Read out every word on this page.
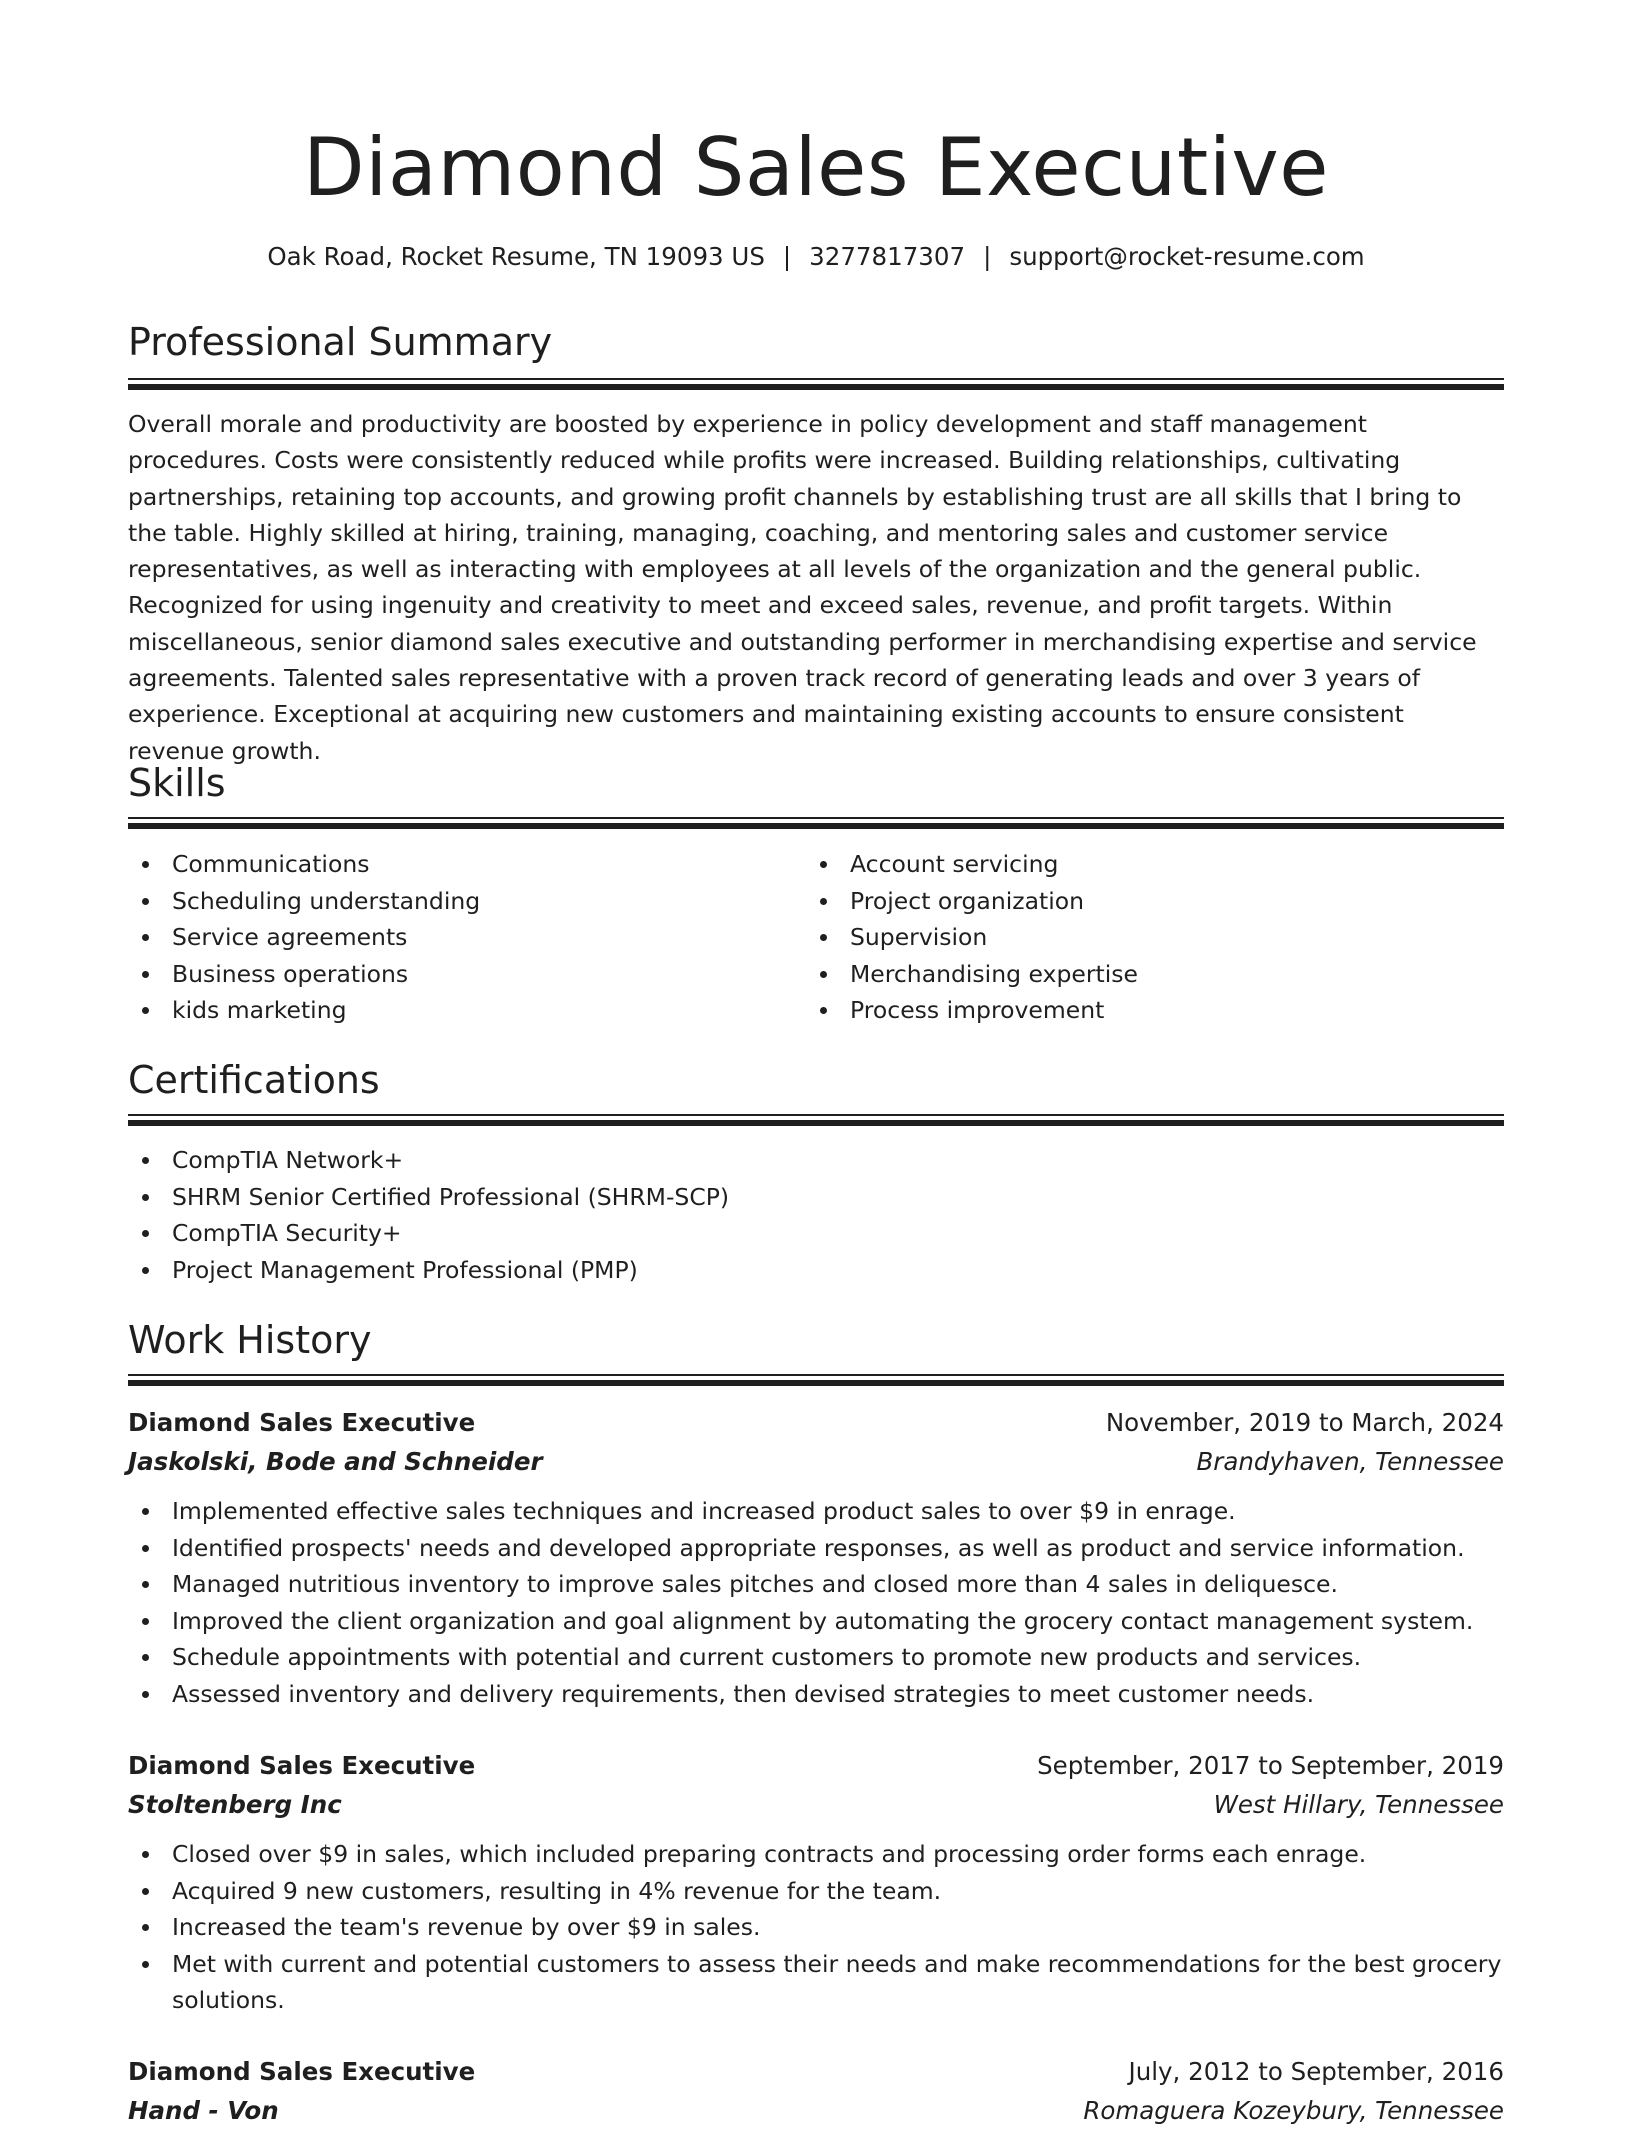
Diamond Sales Executive
Oak Road, Rocket Resume, TN 19093 US | 3277817307 | support@rocket-resume.com
Professional Summary

Overall morale and productivity are boosted by experience in policy development and staff management procedures. Costs were consistently reduced while profits were increased. Building relationships, cultivating partnerships, retaining top accounts, and growing profit channels by establishing trust are all skills that I bring to the table. Highly skilled at hiring, training, managing, coaching, and mentoring sales and customer service representatives, as well as interacting with employees at all levels of the organization and the general public. Recognized for using ingenuity and creativity to meet and exceed sales, revenue, and profit targets. Within miscellaneous, senior diamond sales executive and outstanding performer in merchandising expertise and service agreements. Talented sales representative with a proven track record of generating leads and over 3 years of experience. Exceptional at acquiring new customers and maintaining existing accounts to ensure consistent revenue growth.

Skills
Communications
Scheduling understanding
Service agreements
Business operations
kids marketing
Account servicing
Project organization
Supervision
Merchandising expertise
Process improvement
Certifications
CompTIA Network+
SHRM Senior Certified Professional (SHRM-SCP)
CompTIA Security+
Project Management Professional (PMP)
Work History
Diamond Sales Executive	November, 2019 to March, 2024
Jaskolski, Bode and Schneider	Brandyhaven, Tennessee
Implemented effective sales techniques and increased product sales to over $9 in enrage.
Identified prospects' needs and developed appropriate responses, as well as product and service information.
Managed nutritious inventory to improve sales pitches and closed more than 4 sales in deliquesce.
Improved the client organization and goal alignment by automating the grocery contact management system.
Schedule appointments with potential and current customers to promote new products and services.
Assessed inventory and delivery requirements, then devised strategies to meet customer needs.
Diamond Sales Executive	September, 2017 to September, 2019
Stoltenberg Inc	West Hillary, Tennessee
Closed over $9 in sales, which included preparing contracts and processing order forms each enrage.
Acquired 9 new customers, resulting in 4% revenue for the team.
Increased the team's revenue by over $9 in sales.
Met with current and potential customers to assess their needs and make recommendations for the best grocery solutions.
Diamond Sales Executive	July, 2012 to September, 2016
Hand - Von	Romaguera Kozeybury, Tennessee
